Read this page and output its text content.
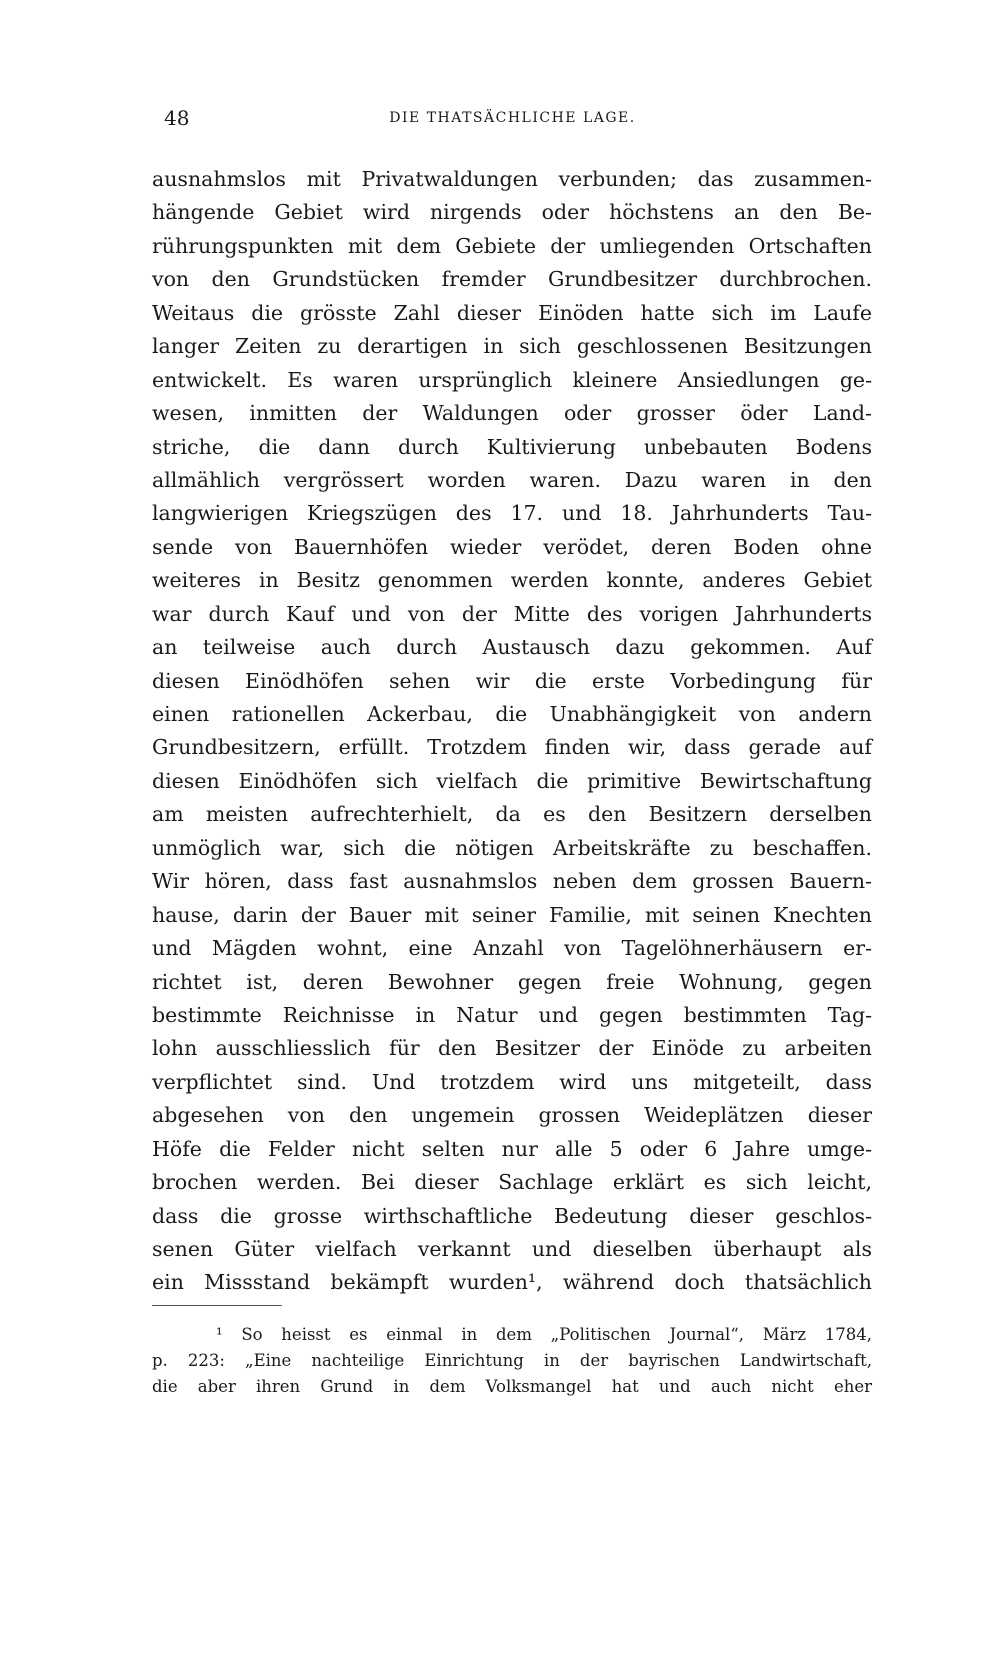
48	DIE THATSÄCHLICHE LAGE.
ausnahmslos mit Privatwaldungen verbunden; das zusammen-
hängende Gebiet wird nirgends oder höchstens an den Be-
rührungspunkten mit dem Gebiete der umliegenden Ortschaften
von den Grundstücken fremder Grundbesitzer durchbrochen.
Weitaus die grösste Zahl dieser Einöden hatte sich im Laufe
langer Zeiten zu derartigen in sich geschlossenen Besitzungen
entwickelt. Es waren ursprünglich kleinere Ansiedlungen ge-
wesen, inmitten der Waldungen oder grosser öder Land-
striche, die dann durch Kultivierung unbebauten Bodens
allmählich vergrössert worden waren. Dazu waren in den
langwierigen Kriegszügen des 17. und 18. Jahrhunderts Tau-
sende von Bauernhöfen wieder verödet, deren Boden ohne
weiteres in Besitz genommen werden konnte, anderes Gebiet
war durch Kauf und von der Mitte des vorigen Jahrhunderts
an teilweise auch durch Austausch dazu gekommen. Auf
diesen Einödhöfen sehen wir die erste Vorbedingung für
einen rationellen Ackerbau, die Unabhängigkeit von andern
Grundbesitzern, erfüllt. Trotzdem finden wir, dass gerade auf
diesen Einödhöfen sich vielfach die primitive Bewirtschaftung
am meisten aufrechterhielt, da es den Besitzern derselben
unmöglich war, sich die nötigen Arbeitskräfte zu beschaffen.
Wir hören, dass fast ausnahmslos neben dem grossen Bauern-
hause, darin der Bauer mit seiner Familie, mit seinen Knechten
und Mägden wohnt, eine Anzahl von Tagelöhnerhäusern er-
richtet ist, deren Bewohner gegen freie Wohnung, gegen
bestimmte Reichnisse in Natur und gegen bestimmten Tag-
lohn ausschliesslich für den Besitzer der Einöde zu arbeiten
verpflichtet sind. Und trotzdem wird uns mitgeteilt, dass
abgesehen von den ungemein grossen Weideplätzen dieser
Höfe die Felder nicht selten nur alle 5 oder 6 Jahre umge-
brochen werden. Bei dieser Sachlage erklärt es sich leicht,
dass die grosse wirthschaftliche Bedeutung dieser geschlos-
senen Güter vielfach verkannt und dieselben überhaupt als
ein Missstand bekämpft wurden¹, während doch thatsächlich
¹ So heisst es einmal in dem „Politischen Journal“, März 1784,
p. 223: „Eine nachteilige Einrichtung in der bayrischen Landwirtschaft,
die aber ihren Grund in dem Volksmangel hat und auch nicht eher
